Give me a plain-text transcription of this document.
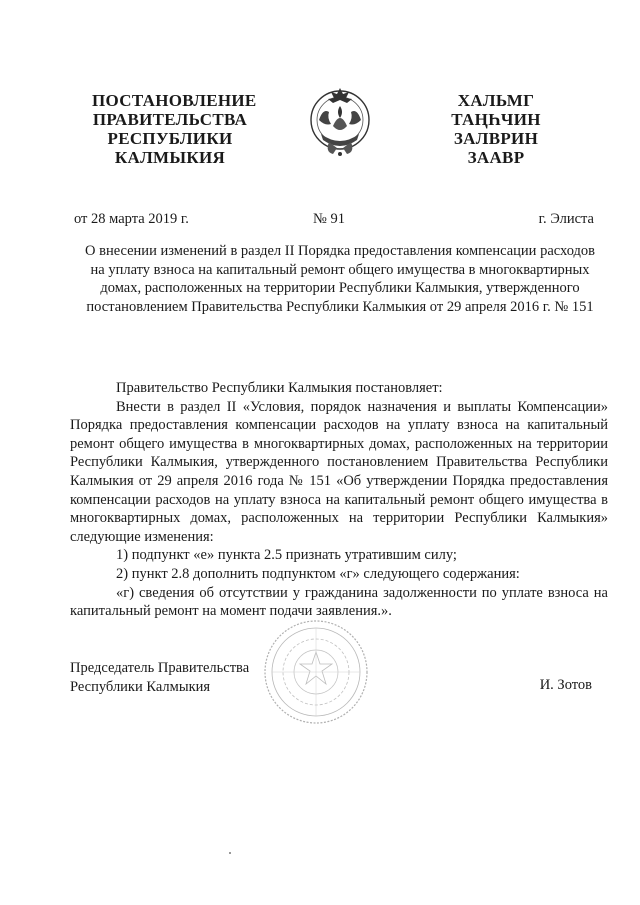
ПОСТАНОВЛЕНИЕ
ПРАВИТЕЛЬСТВА
РЕСПУБЛИКИ
КАЛМЫКИЯ
ХАЛЬМГ
ТАҢҺЧИН
ЗАЛВРИН
ЗААВР
от 28 марта 2019 г.	№ 91	г. Элиста
О внесении изменений в раздел II Порядка предоставления компенсации расходов
на уплату взноса на капитальный ремонт общего имущества в многоквартирных
домах, расположенных на территории Республики Калмыкия, утвержденного
постановлением Правительства Республики Калмыкия от 29 апреля 2016 г. № 151
Правительство Республики Калмыкия постановляет:
Внести в раздел II «Условия, порядок назначения и выплаты Компенсации» Порядка предоставления компенсации расходов на уплату взноса на капитальный ремонт общего имущества в многоквартирных домах, расположенных на территории Республики Калмыкия, утвержденного постановлением Правительства Республики Калмыкия от 29 апреля 2016 года № 151 «Об утверждении Порядка предоставления компенсации расходов на уплату взноса на капитальный ремонт общего имущества в многоквартирных домах, расположенных на территории Республики Калмыкия» следующие изменения:
1) подпункт «е» пункта 2.5 признать утратившим силу;
2) пункт 2.8 дополнить подпунктом «г» следующего содержания:
«г) сведения об отсутствии у гражданина задолженности по уплате взноса на капитальный ремонт на момент подачи заявления.».
Председатель Правительства
Республики Калмыкия	И. Зотов
